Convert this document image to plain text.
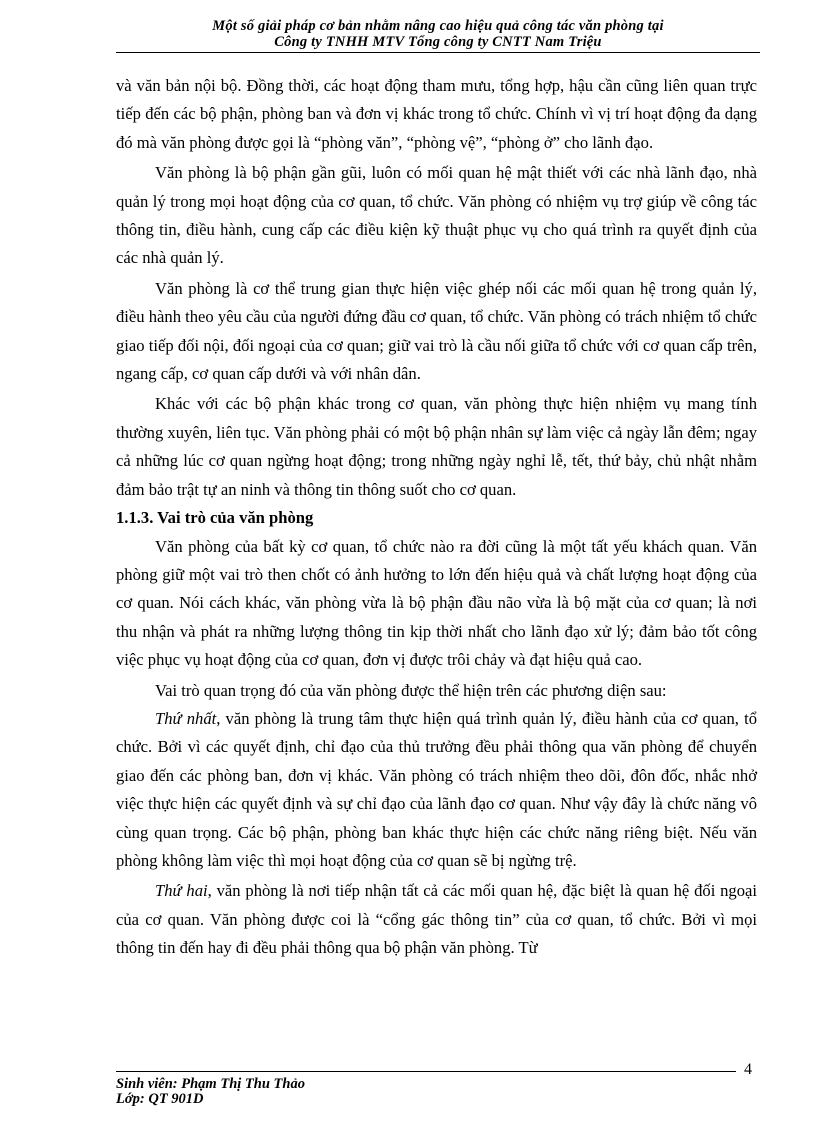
Một số giải pháp cơ bản nhằm nâng cao hiệu quả công tác văn phòng tại
Công ty TNHH MTV Tổng công ty CNTT Nam Triệu

và văn bản nội bộ. Đồng thời, các hoạt động tham mưu, tổng hợp, hậu cần cũng liên quan trực tiếp đến các bộ phận, phòng ban và đơn vị khác trong tổ chức. Chính vì vị trí hoạt động đa dạng đó mà văn phòng được gọi là “phòng văn”, “phòng vệ”, “phòng ở” cho lãnh đạo.

Văn phòng là bộ phận gần gũi, luôn có mối quan hệ mật thiết với các nhà lãnh đạo, nhà quản lý trong mọi hoạt động của cơ quan, tổ chức. Văn phòng có nhiệm vụ trợ giúp về công tác thông tin, điều hành, cung cấp các điều kiện kỹ thuật phục vụ cho quá trình ra quyết định của các nhà quản lý.

Văn phòng là cơ thể trung gian thực hiện việc ghép nối các mối quan hệ trong quản lý, điều hành theo yêu cầu của người đứng đầu cơ quan, tổ chức. Văn phòng có trách nhiệm tổ chức giao tiếp đối nội, đối ngoại của cơ quan; giữ vai trò là cầu nối giữa tổ chức với cơ quan cấp trên, ngang cấp, cơ quan cấp dưới và với nhân dân.

Khác với các bộ phận khác trong cơ quan, văn phòng thực hiện nhiệm vụ mang tính thường xuyên, liên tục. Văn phòng phải có một bộ phận nhân sự làm việc cả ngày lẫn đêm; ngay cả những lúc cơ quan ngừng hoạt động; trong những ngày nghỉ lễ, tết, thứ bảy, chủ nhật nhằm đảm bảo trật tự an ninh và thông tin thông suốt cho cơ quan.

1.1.3. Vai trò của văn phòng

Văn phòng của bất kỳ cơ quan, tổ chức nào ra đời cũng là một tất yếu khách quan. Văn phòng giữ một vai trò then chốt có ảnh hưởng to lớn đến hiệu quả và chất lượng hoạt động của cơ quan. Nói cách khác, văn phòng vừa là bộ phận đầu não vừa là bộ mặt của cơ quan; là nơi thu nhận và phát ra những lượng thông tin kịp thời nhất cho lãnh đạo xử lý; đảm bảo tốt công việc phục vụ hoạt động của cơ quan, đơn vị được trôi chảy và đạt hiệu quả cao.

Vai trò quan trọng đó của văn phòng được thể hiện trên các phương diện sau:

Thứ nhất, văn phòng là trung tâm thực hiện quá trình quản lý, điều hành của cơ quan, tổ chức. Bởi vì các quyết định, chỉ đạo của thủ trưởng đều phải thông qua văn phòng để chuyển giao đến các phòng ban, đơn vị khác. Văn phòng có trách nhiệm theo dõi, đôn đốc, nhắc nhở việc thực hiện các quyết định và sự chỉ đạo của lãnh đạo cơ quan. Như vậy đây là chức năng vô cùng quan trọng. Các bộ phận, phòng ban khác thực hiện các chức năng riêng biệt. Nếu văn phòng không làm việc thì mọi hoạt động của cơ quan sẽ bị ngừng trệ.

Thứ hai, văn phòng là nơi tiếp nhận tất cả các mối quan hệ, đặc biệt là quan hệ đối ngoại của cơ quan. Văn phòng được coi là “cổng gác thông tin” của cơ quan, tổ chức. Bởi vì mọi thông tin đến hay đi đều phải thông qua bộ phận văn phòng. Từ

4
Sinh viên: Phạm Thị Thu Thảo
Lớp: QT 901D
